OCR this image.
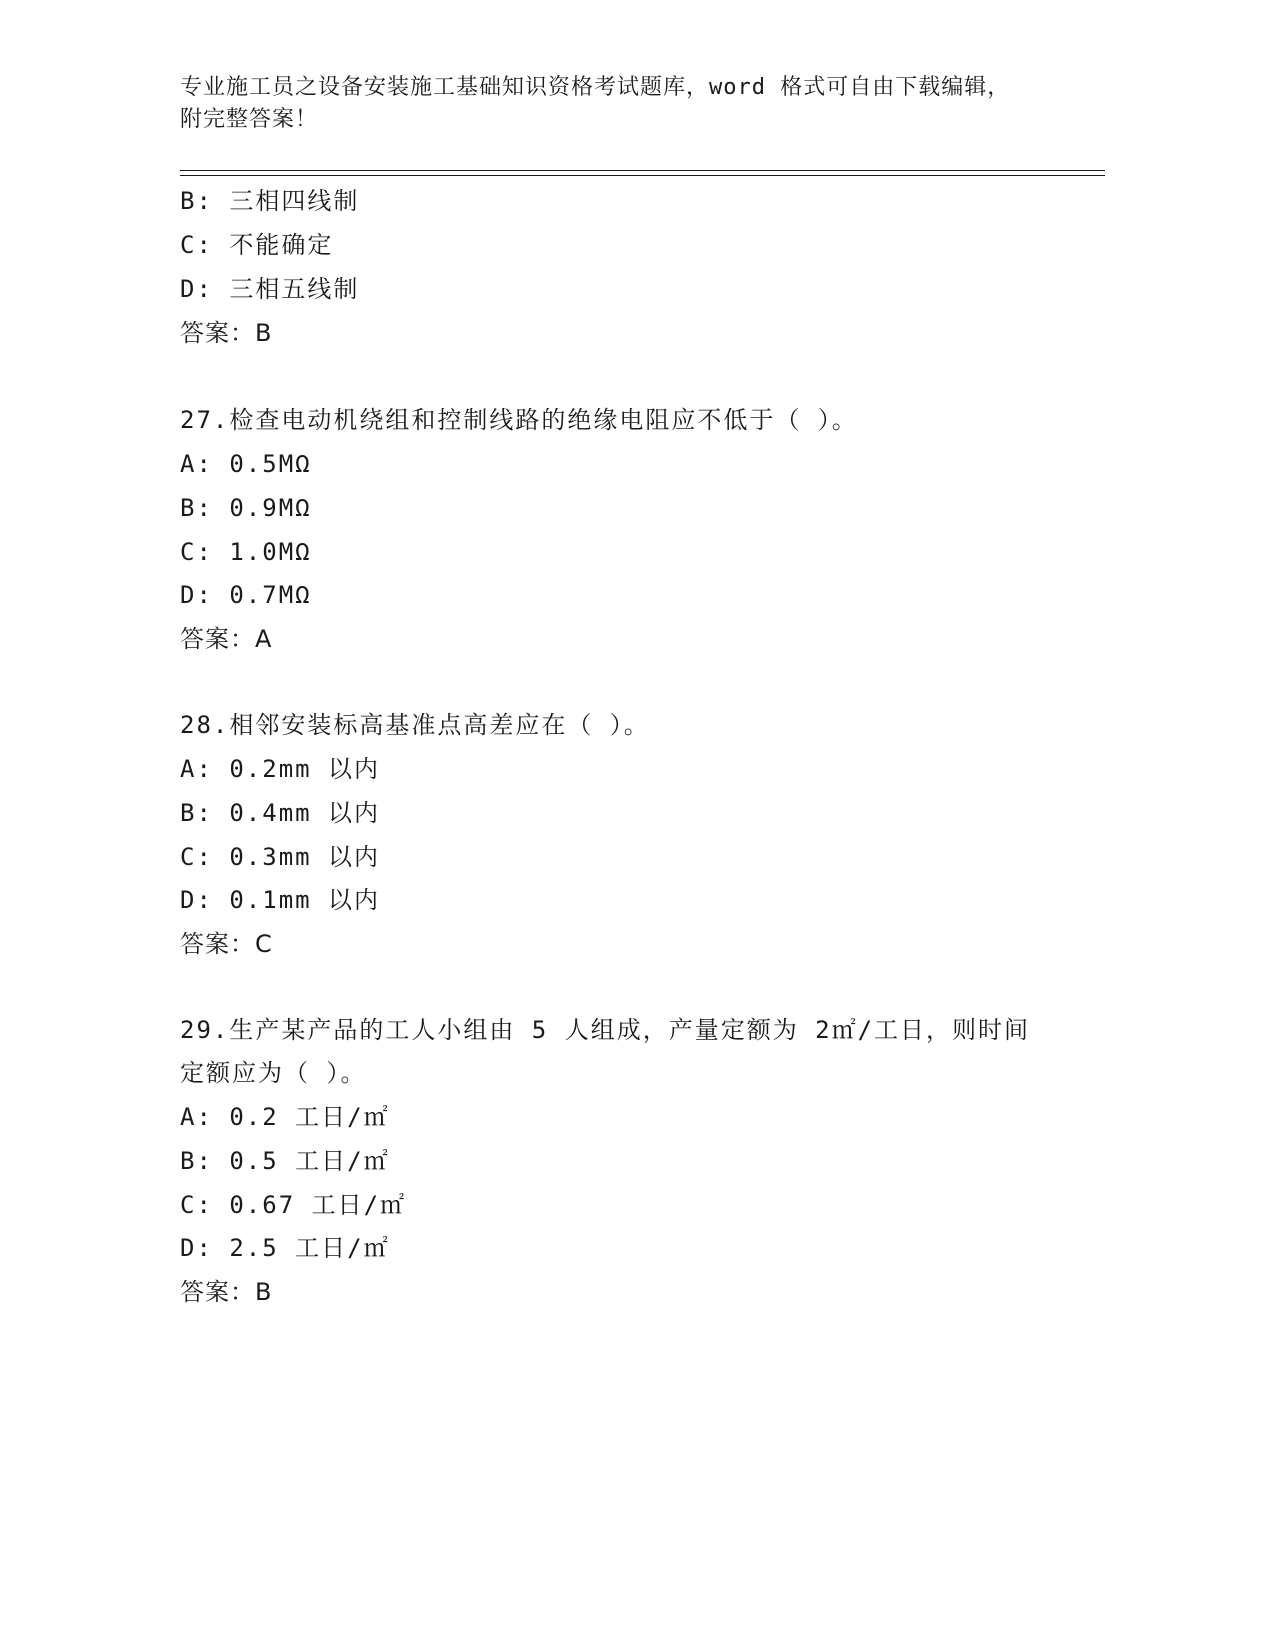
专业施工员之设备安装施工基础知识资格考试题库，word 格式可自由下载编辑，
附完整答案！
B: 三相四线制
C: 不能确定
D: 三相五线制
答案：B
27.检查电动机绕组和控制线路的绝缘电阻应不低于（ ）。
A: 0.5MΩ
B: 0.9MΩ
C: 1.0MΩ
D: 0.7MΩ
答案：A
28.相邻安装标高基准点高差应在（ ）。
A: 0.2mm 以内
B: 0.4mm 以内
C: 0.3mm 以内
D: 0.1mm 以内
答案：C
29.生产某产品的工人小组由 5 人组成，产量定额为 2㎡/工日，则时间
定额应为（ ）。
A: 0.2 工日/㎡
B: 0.5 工日/㎡
C: 0.67 工日/㎡
D: 2.5 工日/㎡
答案：B
